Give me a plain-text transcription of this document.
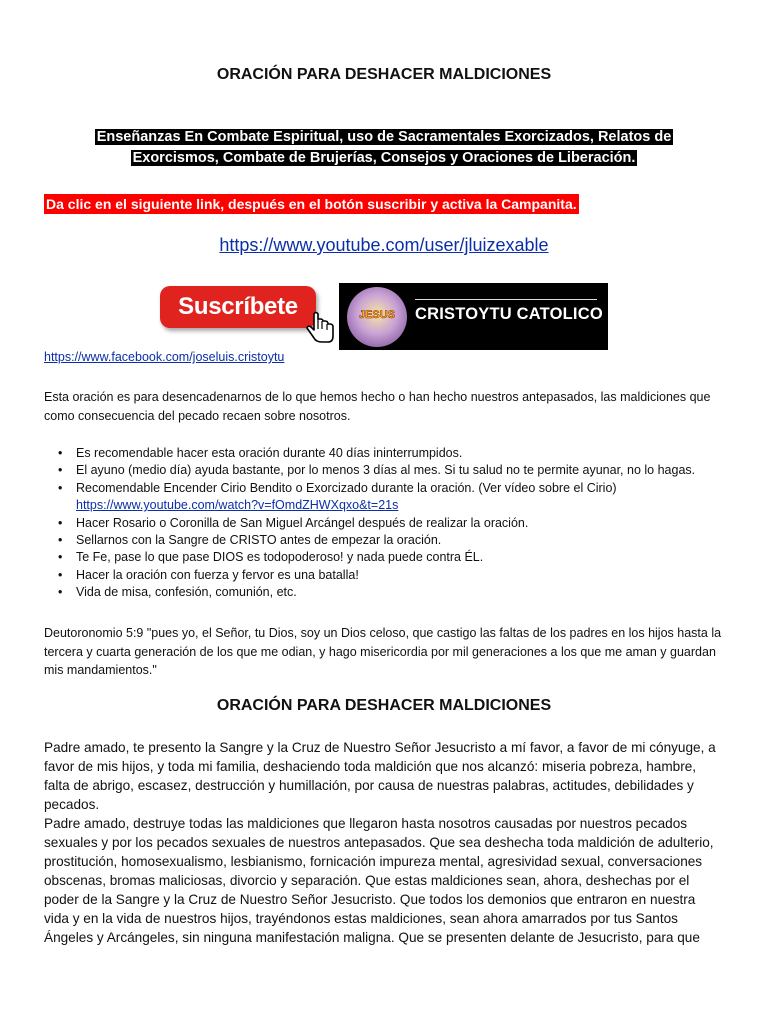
ORACIÓN PARA DESHACER MALDICIONES
Enseñanzas En Combate Espiritual, uso de Sacramentales Exorcizados, Relatos de
Exorcismos, Combate de Brujerías, Consejos y Oraciones de Liberación.
Da clic en el siguiente link, después en el botón suscribir y activa la Campanita.
https://www.youtube.com/user/jluizexable
Suscríbete	JESUS	CRISTOYTU CATOLICO
https://www.facebook.com/joseluis.cristoytu
Esta oración es para desencadenarnos de lo que hemos hecho o han hecho nuestros antepasados, las maldiciones que como consecuencia del pecado recaen sobre nosotros.
• Es recomendable hacer esta oración durante 40 días ininterrumpidos.
• El ayuno (medio día) ayuda bastante, por lo menos 3 días al mes. Si tu salud no te permite ayunar, no lo hagas.
• Recomendable Encender Cirio Bendito o Exorcizado durante la oración. (Ver vídeo sobre el Cirio)
https://www.youtube.com/watch?v=fOmdZHWXqxo&t=21s
• Hacer Rosario o Coronilla de San Miguel Arcángel después de realizar la oración.
• Sellarnos con la Sangre de CRISTO antes de empezar la oración.
• Te Fe, pase lo que pase DIOS es todopoderoso! y nada puede contra ÉL.
• Hacer la oración con fuerza y fervor es una batalla!
• Vida de misa, confesión, comunión, etc.
Deutoronomio 5:9 "pues yo, el Señor, tu Dios, soy un Dios celoso, que castigo las faltas de los padres en los hijos hasta la tercera y cuarta generación de los que me odian, y hago misericordia por mil generaciones a los que me aman y guardan mis mandamientos."
ORACIÓN PARA DESHACER MALDICIONES

Padre amado, te presento la Sangre y la Cruz de Nuestro Señor Jesucristo a mí favor, a favor de mi cónyuge, a favor de mis hijos, y toda mi familia, deshaciendo toda maldición que nos alcanzó: miseria pobreza, hambre, falta de abrigo, escasez, destrucción y humillación, por causa de nuestras palabras, actitudes, debilidades y pecados.

Padre amado, destruye todas las maldiciones que llegaron hasta nosotros causadas por nuestros pecados sexuales y por los pecados sexuales de nuestros antepasados. Que sea deshecha toda maldición de adulterio, prostitución, homosexualismo, lesbianismo, fornicación impureza mental, agresividad sexual, conversaciones obscenas, bromas maliciosas, divorcio y separación. Que estas maldiciones sean, ahora, deshechas por el poder de la Sangre y la Cruz de Nuestro Señor Jesucristo. Que todos los demonios que entraron en nuestra vida y en la vida de nuestros hijos, trayéndonos estas maldiciones, sean ahora amarrados por tus Santos Ángeles y Arcángeles, sin ninguna manifestación maligna. Que se presenten delante de Jesucristo, para que
